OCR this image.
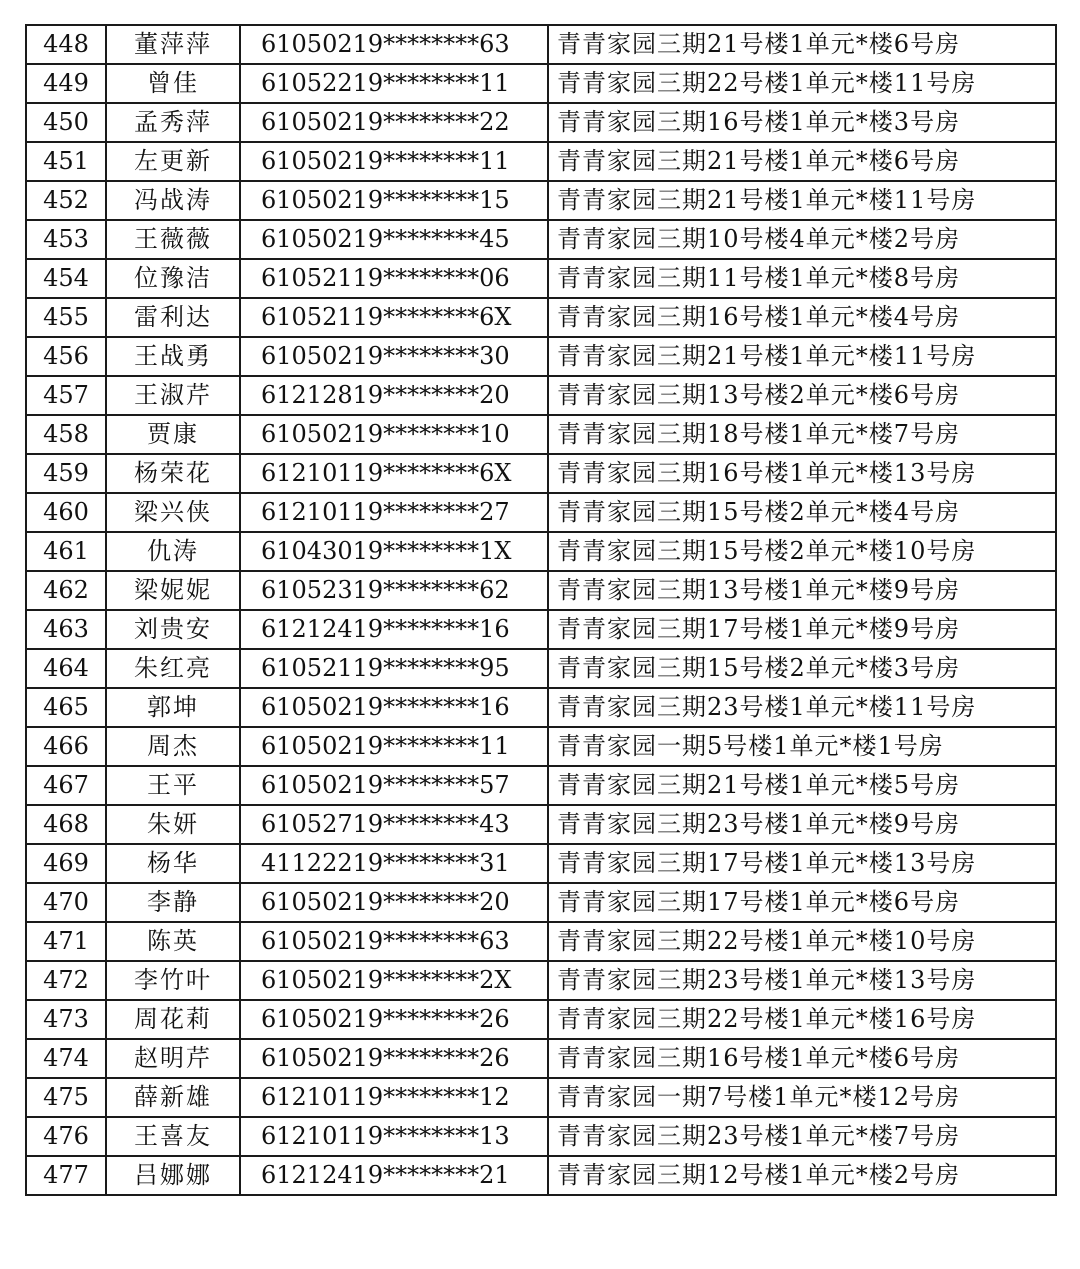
448	董萍萍	61050219********63	青青家园三期21号楼1单元*楼6号房
449	曾佳	61052219********11	青青家园三期22号楼1单元*楼11号房
450	孟秀萍	61050219********22	青青家园三期16号楼1单元*楼3号房
451	左更新	61050219********11	青青家园三期21号楼1单元*楼6号房
452	冯战涛	61050219********15	青青家园三期21号楼1单元*楼11号房
453	王薇薇	61050219********45	青青家园三期10号楼4单元*楼2号房
454	位豫洁	61052119********06	青青家园三期11号楼1单元*楼8号房
455	雷利达	61052119********6X	青青家园三期16号楼1单元*楼4号房
456	王战勇	61050219********30	青青家园三期21号楼1单元*楼11号房
457	王淑芹	61212819********20	青青家园三期13号楼2单元*楼6号房
458	贾康	61050219********10	青青家园三期18号楼1单元*楼7号房
459	杨荣花	61210119********6X	青青家园三期16号楼1单元*楼13号房
460	梁兴侠	61210119********27	青青家园三期15号楼2单元*楼4号房
461	仇涛	61043019********1X	青青家园三期15号楼2单元*楼10号房
462	梁妮妮	61052319********62	青青家园三期13号楼1单元*楼9号房
463	刘贵安	61212419********16	青青家园三期17号楼1单元*楼9号房
464	朱红亮	61052119********95	青青家园三期15号楼2单元*楼3号房
465	郭坤	61050219********16	青青家园三期23号楼1单元*楼11号房
466	周杰	61050219********11	青青家园一期5号楼1单元*楼1号房
467	王平	61050219********57	青青家园三期21号楼1单元*楼5号房
468	朱妍	61052719********43	青青家园三期23号楼1单元*楼9号房
469	杨华	41122219********31	青青家园三期17号楼1单元*楼13号房
470	李静	61050219********20	青青家园三期17号楼1单元*楼6号房
471	陈英	61050219********63	青青家园三期22号楼1单元*楼10号房
472	李竹叶	61050219********2X	青青家园三期23号楼1单元*楼13号房
473	周花莉	61050219********26	青青家园三期22号楼1单元*楼16号房
474	赵明芹	61050219********26	青青家园三期16号楼1单元*楼6号房
475	薛新雄	61210119********12	青青家园一期7号楼1单元*楼12号房
476	王喜友	61210119********13	青青家园三期23号楼1单元*楼7号房
477	吕娜娜	61212419********21	青青家园三期12号楼1单元*楼2号房
